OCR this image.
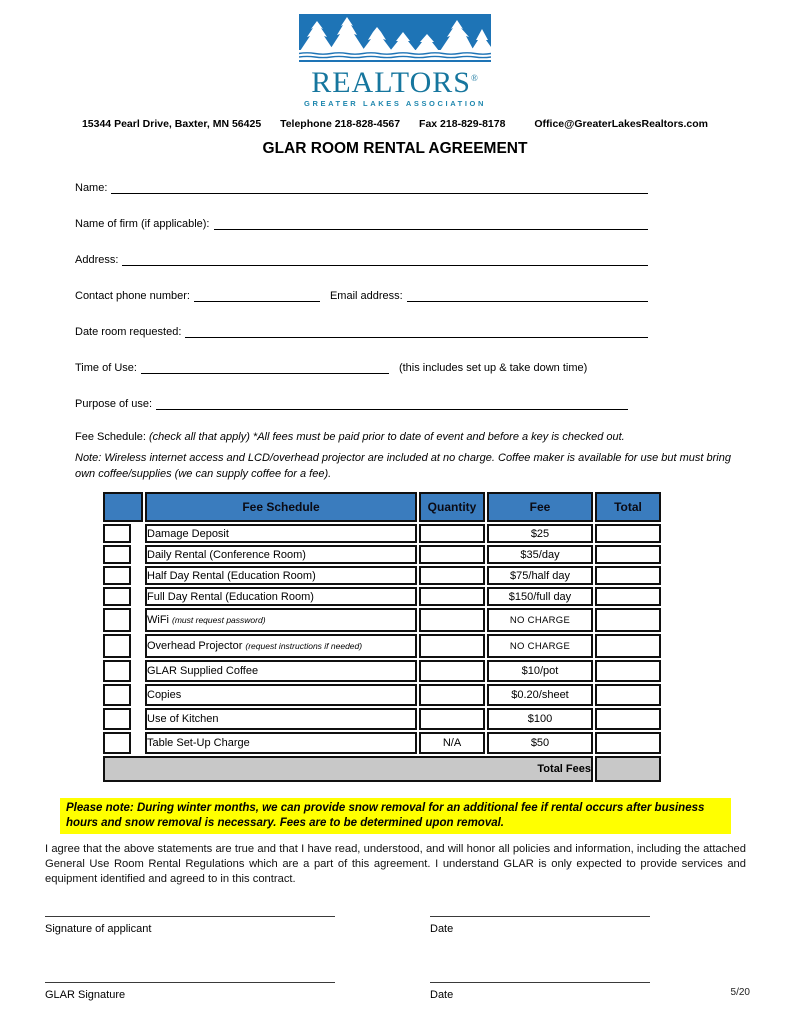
REALTORS®
GREATER LAKES ASSOCIATION
15344 Pearl Drive, Baxter, MN 56425 Telephone 218-828-4567 Fax 218-829-8178	Office@GreaterLakesRealtors.com
GLAR ROOM RENTAL AGREEMENT
Name:
Name of firm (if applicable):
Address:
Contact phone number:	Email address:
Date room requested:
Time of Use:	(this includes set up & take down time)
Purpose of use:

Fee Schedule: (check all that apply) *All fees must be paid prior to date of event and before a key is checked out.

Note: Wireless internet access and LCD/overhead projector are included at no charge. Coffee maker is available for use but must bring own coffee/supplies (we can supply coffee for a fee).

		Fee Schedule	Quantity	Fee	Total
		Damage Deposit		$25	
		Daily Rental (Conference Room)		$35/day	
		Half Day Rental (Education Room)		$75/half day	
		Full Day Rental (Education Room)		$150/full day	
		WiFi (must request password)		NO CHARGE	
		Overhead Projector (request instructions if needed)		NO CHARGE	
		GLAR Supplied Coffee		$10/pot	
		Copies		$0.20/sheet	
		Use of Kitchen		$100	
		Table Set-Up Charge	N/A	$50	
Total Fees					
Please note: During winter months, we can provide snow removal for an additional fee if rental occurs after business hours and snow removal is necessary. Fees are to be determined upon removal.

I agree that the above statements are true and that I have read, understood, and will honor all policies and information, including the attached General Use Room Rental Regulations which are a part of this agreement. I understand GLAR is only expected to provide services and equipment identified and agreed to in this contract.

Signature of applicant	Date
GLAR Signature	Date	5/20
